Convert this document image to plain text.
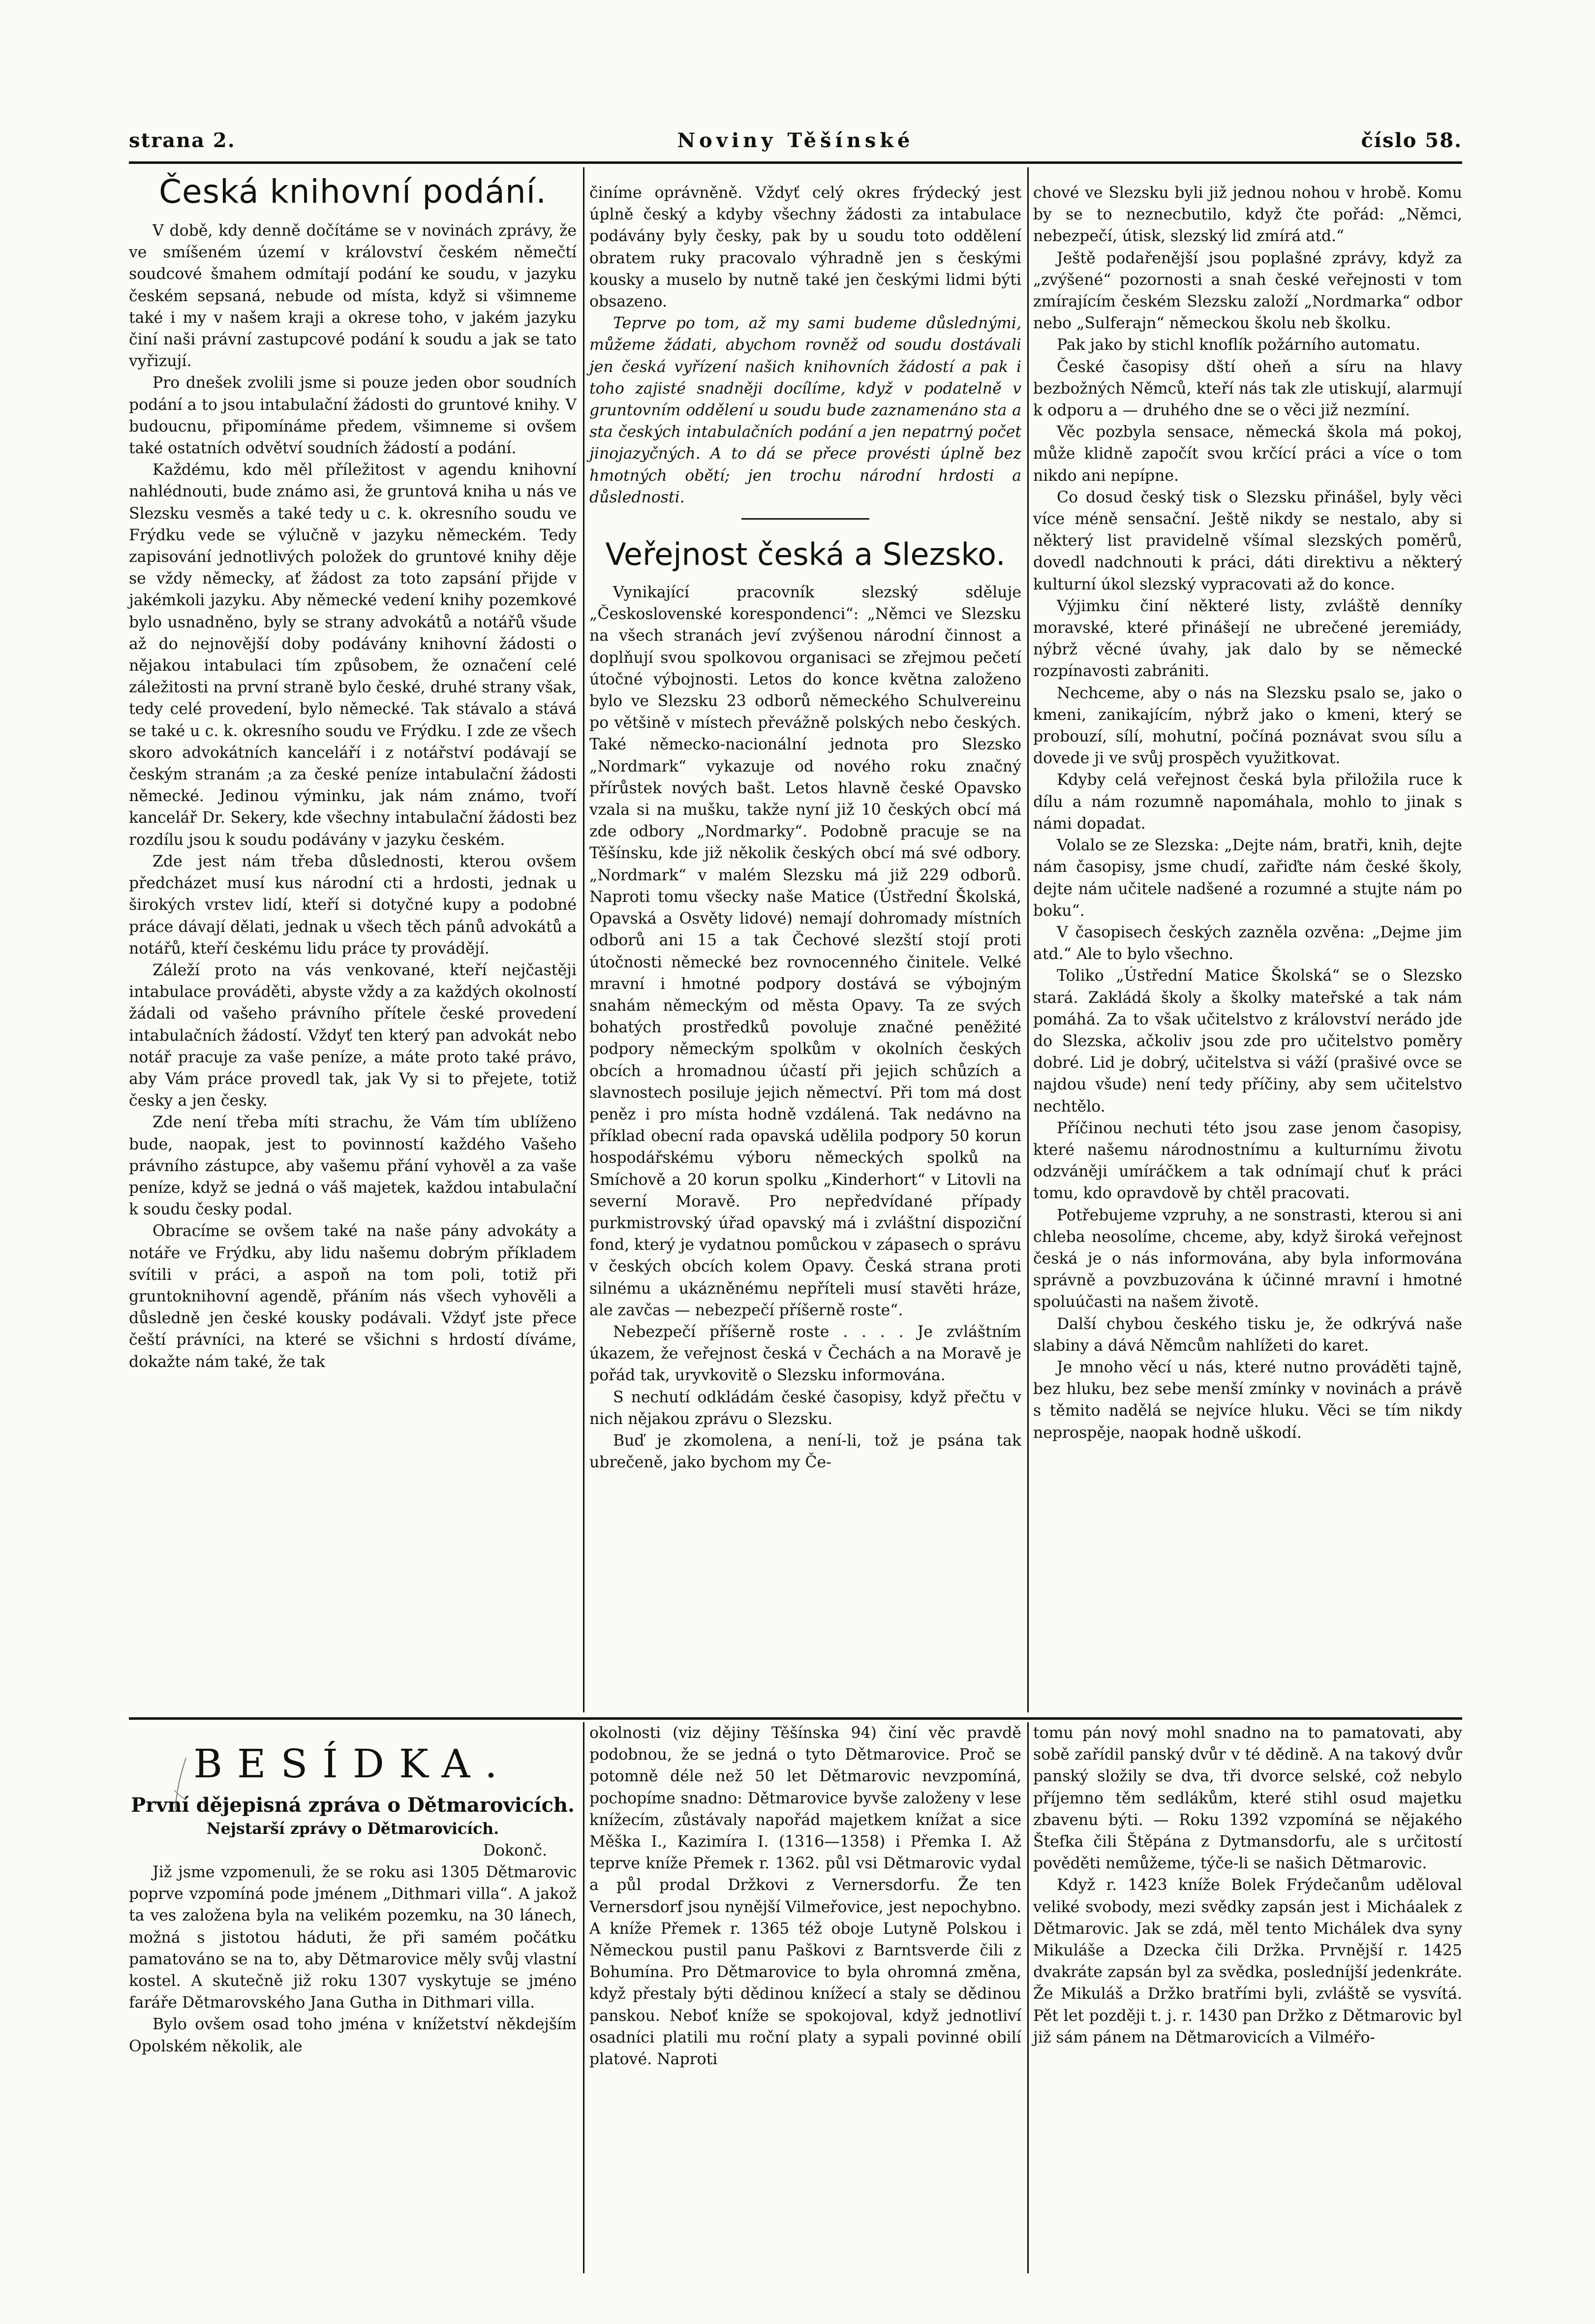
strana 2.	Noviny Těšínské	číslo 58.
Česká knihovní podání.

V době, kdy denně dočítáme se v novinách zprávy, že ve smíšeném území v království českém němečtí soudcové šmahem odmítají podání ke soudu, v jazyku českém sepsaná, nebude od místa, když si všimneme také i my v našem kraji a okrese toho, v jakém jazyku činí naši právní zastupcové podání k soudu a jak se tato vyřizují.

Pro dnešek zvolili jsme si pouze jeden obor soudních podání a to jsou intabulační žádosti do gruntové knihy. V budoucnu, připomínáme předem, všimneme si ovšem také ostatních odvětví soudních žádostí a podání.

Každému, kdo měl příležitost v agendu knihovní nahlédnouti, bude známo asi, že gruntová kniha u nás ve Slezsku vesměs a také tedy u c. k. okresního soudu ve Frýdku vede se výlučně v jazyku německém. Tedy zapisování jednotlivých položek do gruntové knihy děje se vždy německy, ať žádost za toto zapsání přijde v jakémkoli jazyku. Aby německé vedení knihy pozemkové bylo usnadněno, byly se strany advokátů a notářů všude až do nejnovější doby podávány knihovní žádosti o nějakou intabulaci tím způsobem, že označení celé záležitosti na první straně bylo české, druhé strany však, tedy celé provedení, bylo německé. Tak stávalo a stává se také u c. k. okresního soudu ve Frýdku. I zde ze všech skoro advokátních kanceláří i z notářství podávají se českým stranám ;a za české peníze intabulační žádosti německé. Jedinou výminku, jak nám známo, tvoří kancelář Dr. Sekery, kde všechny intabulační žádosti bez rozdílu jsou k soudu podávány v jazyku českém.

Zde jest nám třeba důslednosti, kterou ovšem předcházet musí kus národní cti a hrdosti, jednak u širokých vrstev lidí, kteří si dotyčné kupy a podobné práce dávají dělati, jednak u všech těch pánů advokátů a notářů, kteří českému lidu práce ty provádějí.

Záleží proto na vás venkované, kteří nejčastěji intabulace prováděti, abyste vždy a za každých okolností žádali od vašeho právního přítele české provedení intabulačních žádostí. Vždyť ten který pan advokát nebo notář pracuje za vaše peníze, a máte proto také právo, aby Vám práce provedl tak, jak Vy si to přejete, totiž česky a jen česky.

Zde není třeba míti strachu, že Vám tím ublíženo bude, naopak, jest to povinností každého Vašeho právního zástupce, aby vašemu přání vyhověl a za vaše peníze, když se jedná o váš majetek, každou intabulační k soudu česky podal.

Obracíme se ovšem také na naše pány advokáty a notáře ve Frýdku, aby lidu našemu dobrým příkladem svítili v práci, a aspoň na tom poli, totiž při gruntoknihovní agendě, přáním nás všech vyhověli a důsledně jen české kousky podávali. Vždyť jste přece čeští právníci, na které se všichni s hrdostí díváme, dokažte nám také, že tak

činíme oprávněně. Vždyť celý okres frýdecký jest úplně český a kdyby všechny žádosti za intabulace podávány byly česky, pak by u soudu toto oddělení obratem ruky pracovalo výhradně jen s českými kousky a muselo by nutně také jen českými lidmi býti obsazeno.

Teprve po tom, až my sami budeme důslednými, můžeme žádati, abychom rovněž od soudu dostávali jen česká vyřízení našich knihovních žádostí a pak i toho zajisté snadněji docílíme, když v podatelně v gruntovním oddělení u soudu bude zaznamenáno sta a sta českých intabulačních podání a jen nepatrný počet jinojazyčných. A to dá se přece provésti úplně bez hmotných obětí; jen trochu národní hrdosti a důslednosti.

Veřejnost česká a Slezsko.

Vynikající pracovník slezský sděluje „Československé korespondenci“: „Němci ve Slezsku na všech stranách jeví zvýšenou národní činnost a doplňují svou spolkovou organisaci se zřejmou pečetí útočné výbojnosti. Letos do konce května založeno bylo ve Slezsku 23 odborů německého Schulvereinu po většině v místech převážně polských nebo českých. Také německo-nacionální jednota pro Slezsko „Nordmark“ vykazuje od nového roku značný přírůstek nových bašt. Letos hlavně české Opavsko vzala si na mušku, takže nyní již 10 českých obcí má zde odbory „Nordmarky“. Podobně pracuje se na Těšínsku, kde již několik českých obcí má své odbory. „Nordmark“ v malém Slezsku má již 229 odborů. Naproti tomu všecky naše Matice (Ústřední Školská, Opavská a Osvěty lidové) nemají dohromady místních odborů ani 15 a tak Čechové slezští stojí proti útočnosti německé bez rovnocenného činitele. Velké mravní i hmotné podpory dostává se výbojným snahám německým od města Opavy. Ta ze svých bohatých prostředků povoluje značné peněžité podpory německým spolkům v okolních českých obcích a hromadnou účastí při jejich schůzích a slavnostech posiluje jejich němectví. Při tom má dost peněz i pro místa hodně vzdálená. Tak nedávno na příklad obecní rada opavská udělila podpory 50 korun hospodářskému výboru německých spolků na Smíchově a 20 korun spolku „Kinderhort“ v Litovli na severní Moravě. Pro nepředvídané případy purkmistrovský úřad opavský má i zvláštní dispoziční fond, který je vydatnou pomůckou v zápasech o správu v českých obcích kolem Opavy. Česká strana proti silnému a ukázněnému nepříteli musí stavěti hráze, ale zavčas — nebezpečí příšerně roste“.

Nebezpečí příšerně roste . . . . Je zvláštním úkazem, že veřejnost česká v Čechách a na Moravě je pořád tak, uryvkovitě o Slezsku informována.

S nechutí odkládám české časopisy, když přečtu v nich nějakou zprávu o Slezsku.

Buď je zkomolena, a není-li, tož je psána tak ubrečeně, jako bychom my Če-

chové ve Slezsku byli již jednou nohou v hrobě. Komu by se to nezneсbutilo, když čte pořád: „Němci, nebezpečí, útisk, slezský lid zmírá atd.“

Ještě podařenější jsou poplašné zprávy, když za „zvýšené“ pozornosti a snah české veřejnosti v tom zmírajícím českém Slezsku založí „Nordmarka“ odbor nebo „Sulferajn“ německou školu neb školku.

Pak jako by stichl knoflík požárního automatu.

České časopisy dští oheň a síru na hlavy bezbožných Němců, kteří nás tak zle utiskují, alarmují k odporu a — druhého dne se o věci již nezmíní.

Věc pozbyla sensace, německá škola má pokoj, může klidně započít svou krčící práci a více o tom nikdo ani nepípne.

Co dosud český tisk o Slezsku přinášel, byly věci více méně sensační. Ještě nikdy se nestalo, aby si některý list pravidelně všímal slezských poměrů, dovedl nadchnouti k práci, dáti direktivu a některý kulturní úkol slezský vypracovati až do konce.

Výjimku činí některé listy, zvláště denníky moravské, které přinášejí ne ubrečené jeremiády, nýbrž věcné úvahy, jak dalo by se německé rozpínavosti zabrániti.

Nechceme, aby o nás na Slezsku psalo se, jako o kmeni, zanikajícím, nýbrž jako o kmeni, který se probouzí, sílí, mohutní, počíná poznávat svou sílu a dovede ji ve svůj prospěch využitkovat.

Kdyby celá veřejnost česká byla přiložila ruce k dílu a nám rozumně napomáhala, mohlo to jinak s námi dopadat.

Volalo se ze Slezska: „Dejte nám, bratři, knih, dejte nám časopisy, jsme chudí, zařiďte nám české školy, dejte nám učitele nadšené a rozumné a stujte nám po boku“.

V časopisech českých zazněla ozvěna: „Dejme jim atd.“ Ale to bylo všechno.

Toliko „Ústřední Matice Školská“ se o Slezsko stará. Zakládá školy a školky mateřské a tak nám pomáhá. Za to však učitelstvo z království nerádo jde do Slezska, ačkoliv jsou zde pro učitelstvo poměry dobré. Lid je dobrý, učitelstva si váží (prašivé ovce se najdou všude) není tedy příčiny, aby sem učitelstvo nechtělo.

Příčinou nechuti této jsou zase jenom časopisy, které našemu národnostnímu a kulturnímu životu odzváněji umíráčkem a tak odnímají chuť k práci tomu, kdo opravdově by chtěl pracovati.

Potřebujeme vzpruhy, a ne sonstrasti, kterou si ani chleba neosolíme, chceme, aby, když široká veřejnost česká je o nás informována, aby byla informována správně a povzbuzována k účinné mravní i hmotné spoluúčasti na našem životě.

Další chybou českého tisku je, že odkrývá naše slabiny a dává Němcům nahlížeti do karet.

Je mnoho věcí u nás, které nutno prováděti tajně, bez hluku, bez sebe menší zmínky v novinách a právě s těmito nadělá se nejvíce hluku. Věci se tím nikdy neprospěje, naopak hodně uškodí.

BESÍDKA.
První dějepisná zpráva o Dětmarovicích.
Nejstarší zprávy o Dětmarovicích.
Dokonč.

Již jsme vzpomenuli, že se roku asi 1305 Dětmarovic poprve vzpomíná pode jménem „Dithmari villa“. A jakož ta ves založena byla na velikém pozemku, na 30 lánech, možná s jistotou háduti, že při samém počátku pamatováno se na to, aby Dětmarovice měly svůj vlastní kostel. A skutečně již roku 1307 vyskytuje se jméno faráře Dětmarovského Jana Gutha in Dithmari villa.

Bylo ovšem osad toho jména v knížetství někdejším Opolském několik, ale

okolnosti (viz dějiny Těšínska 94) činí věc pravdě podobnou, že se jedná o tyto Dětmarovice. Proč se potomně déle než 50 let Dětmarovic nevzpomíná, pochopíme snadno: Dětmarovice byvše založeny v lese knížecím, zůstávaly napořád majetkem knížat a sice Měška I., Kazimíra I. (1316—1358) i Přemka I. Až teprve kníže Přemek r. 1362. půl vsi Dětmarovic vydal a půl prodal Držkovi z Vernersdorfu. Že ten Vernersdorf jsou nynější Vilmeřovice, jest nepochybno. A kníže Přemek r. 1365 též oboje Lutyně Polskou i Německou pustil panu Paškovi z Barntsverde čili z Bohumína. Pro Dětmarovice to byla ohromná změna, když přestaly býti dědinou knížecí a staly se dědinou panskou. Neboť kníže se spokojoval, když jednotliví osadníci platili mu roční platy a sypali povinné obilí platové. Naproti

tomu pán nový mohl snadno na to pamatovati, aby sobě zařídil panský dvůr v té dědině. A na takový dvůr panský složily se dva, tři dvorce selské, což nebylo příjemno těm sedlákům, které stihl osud majetku zbavenu býti. — Roku 1392 vzpomíná se nějakého Štefka čili Štěpána z Dytmansdorfu, ale s určitostí pověděti nemůžeme, týče-li se našich Dětmarovic.

Když r. 1423 kníže Bolek Frýdečanům uděloval veliké svobody, mezi svědky zapsán jest i Micháalek z Dětmarovic. Jak se zdá, měl tento Michálek dva syny Mikuláše a Dzecka čili Držka. Prvnější r. 1425 dvakráte zapsán byl za svědka, posledníjší jedenkráte. Že Mikuláš a Držko bratřími byli, zvláště se vysvítá. Pět let později t. j. r. 1430 pan Držko z Dětmarovic byl již sám pánem na Dětmarovicích a Vilméřo-
